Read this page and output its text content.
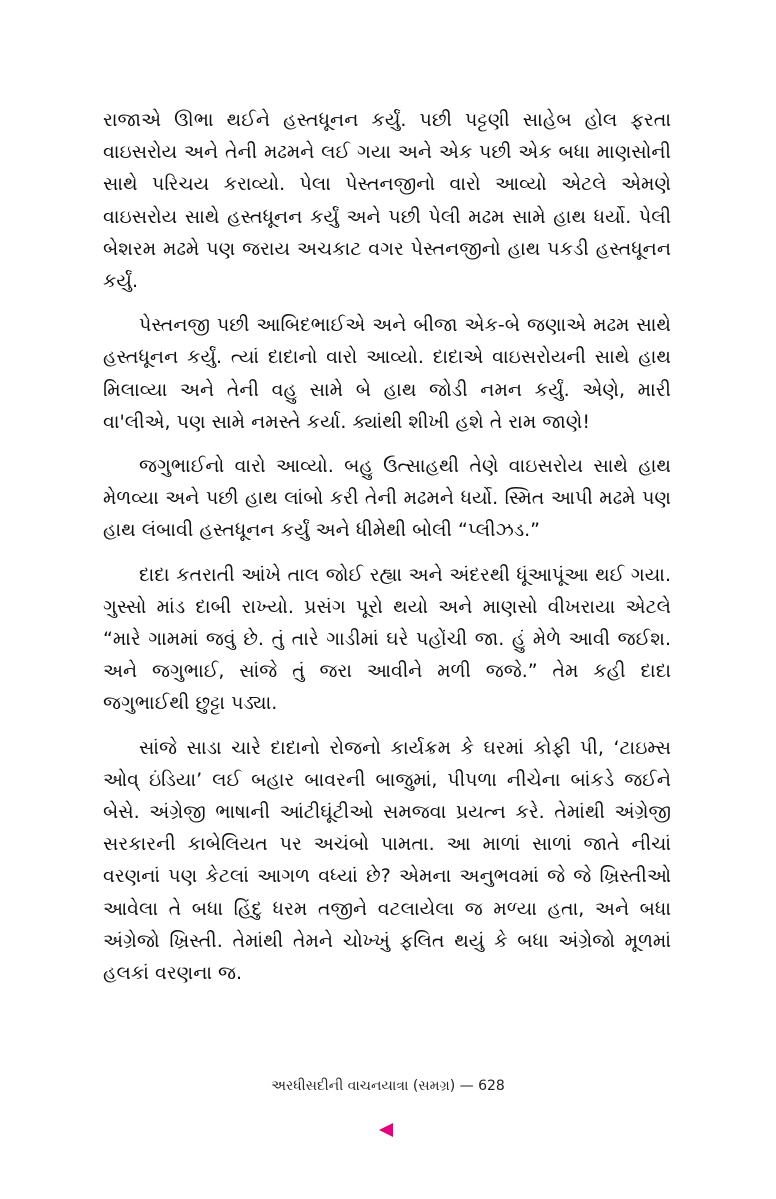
રાજાએ ઊભા થઈને હસ્તધૂનન કર્યું. પછી પટ્ટણી સાહેબ હોલ ફરતા વાઇસરોય અને તેની મઢમને લઈ ગયા અને એક પછી એક બધા માણસોની સાથે પરિચય કરાવ્યો. પેલા પેસ્તનજીનો વારો આવ્યો એટલે એમણે વાઇસરોય સાથે હસ્તધૂનન કર્યું અને પછી પેલી મઢમ સામે હાથ ધર્યો. પેલી બેશરમ મઢમે પણ જરાય અચકાટ વગર પેસ્તનજીનો હાથ પકડી હસ્તધૂનન કર્યું.

પેસ્તનજી પછી આબિદભાઈએ અને બીજા એક-બે જણાએ મઢમ સાથે હસ્તધૂનન કર્યું. ત્યાં દાદાનો વારો આવ્યો. દાદાએ વાઇસરોયની સાથે હાથ મિલાવ્યા અને તેની વહુ સામે બે હાથ જોડી નમન કર્યું. એણે, મારી વા'લીએ, પણ સામે નમસ્તે કર્યા. ક્યાંથી શીખી હશે તે રામ જાણે!

જગુભાઈનો વારો આવ્યો. બહુ ઉત્સાહથી તેણે વાઇસરોય સાથે હાથ મેળવ્યા અને પછી હાથ લાંબો કરી તેની મઢમને ધર્યો. સ્મિત આપી મઢમે પણ હાથ લંબાવી હસ્તધૂનન કર્યું અને ધીમેથી બોલી “પ્લીઝડ.”

દાદા કતરાતી આંખે તાલ જોઈ રહ્યા અને અંદરથી ધૂંઆપૂંઆ થઈ ગયા. ગુસ્સો માંડ દાબી રાખ્યો. પ્રસંગ પૂરો થયો અને માણસો વીખરાયા એટલે “મારે ગામમાં જવું છે. તું તારે ગાડીમાં ઘરે પહોંચી જા. હું મેળે આવી જઈશ. અને જગુભાઈ, સાંજે તું જરા આવીને મળી જજે.” તેમ કહી દાદા જગુભાઈથી છુટ્ટા પડ્યા.

સાંજે સાડા ચારે દાદાનો રોજનો કાર્યક્રમ કે ઘરમાં કોફી પી, ‘ટાઇમ્સ ઓવ્ ઇંડિયા’ લઈ બહાર બાવરની બાજુમાં, પીપળા નીચેના બાંકડે જઈને બેસે. અંગ્રેજી ભાષાની આંટીઘૂંટીઓ સમજવા પ્રયત્ન કરે. તેમાંથી અંગ્રેજી સરકારની કાબેલિયત પર અચંબો પામતા. આ માળાં સાળાં જાતે નીચાં વરણનાં પણ કેટલાં આગળ વધ્યાં છે? એમના અનુભવમાં જે જે ખ્રિસ્તીઓ આવેલા તે બધા હિંદુ ધરમ તજીને વટલાયેલા જ મળ્યા હતા, અને બધા અંગ્રેજો ખ્રિસ્તી. તેમાંથી તેમને ચોખ્ખું ફલિત થયું કે બધા અંગ્રેજો મૂળમાં હલકાં વરણના જ.

અરધીસદીની વાચનયાત્રા (સમગ્ર) — 628
